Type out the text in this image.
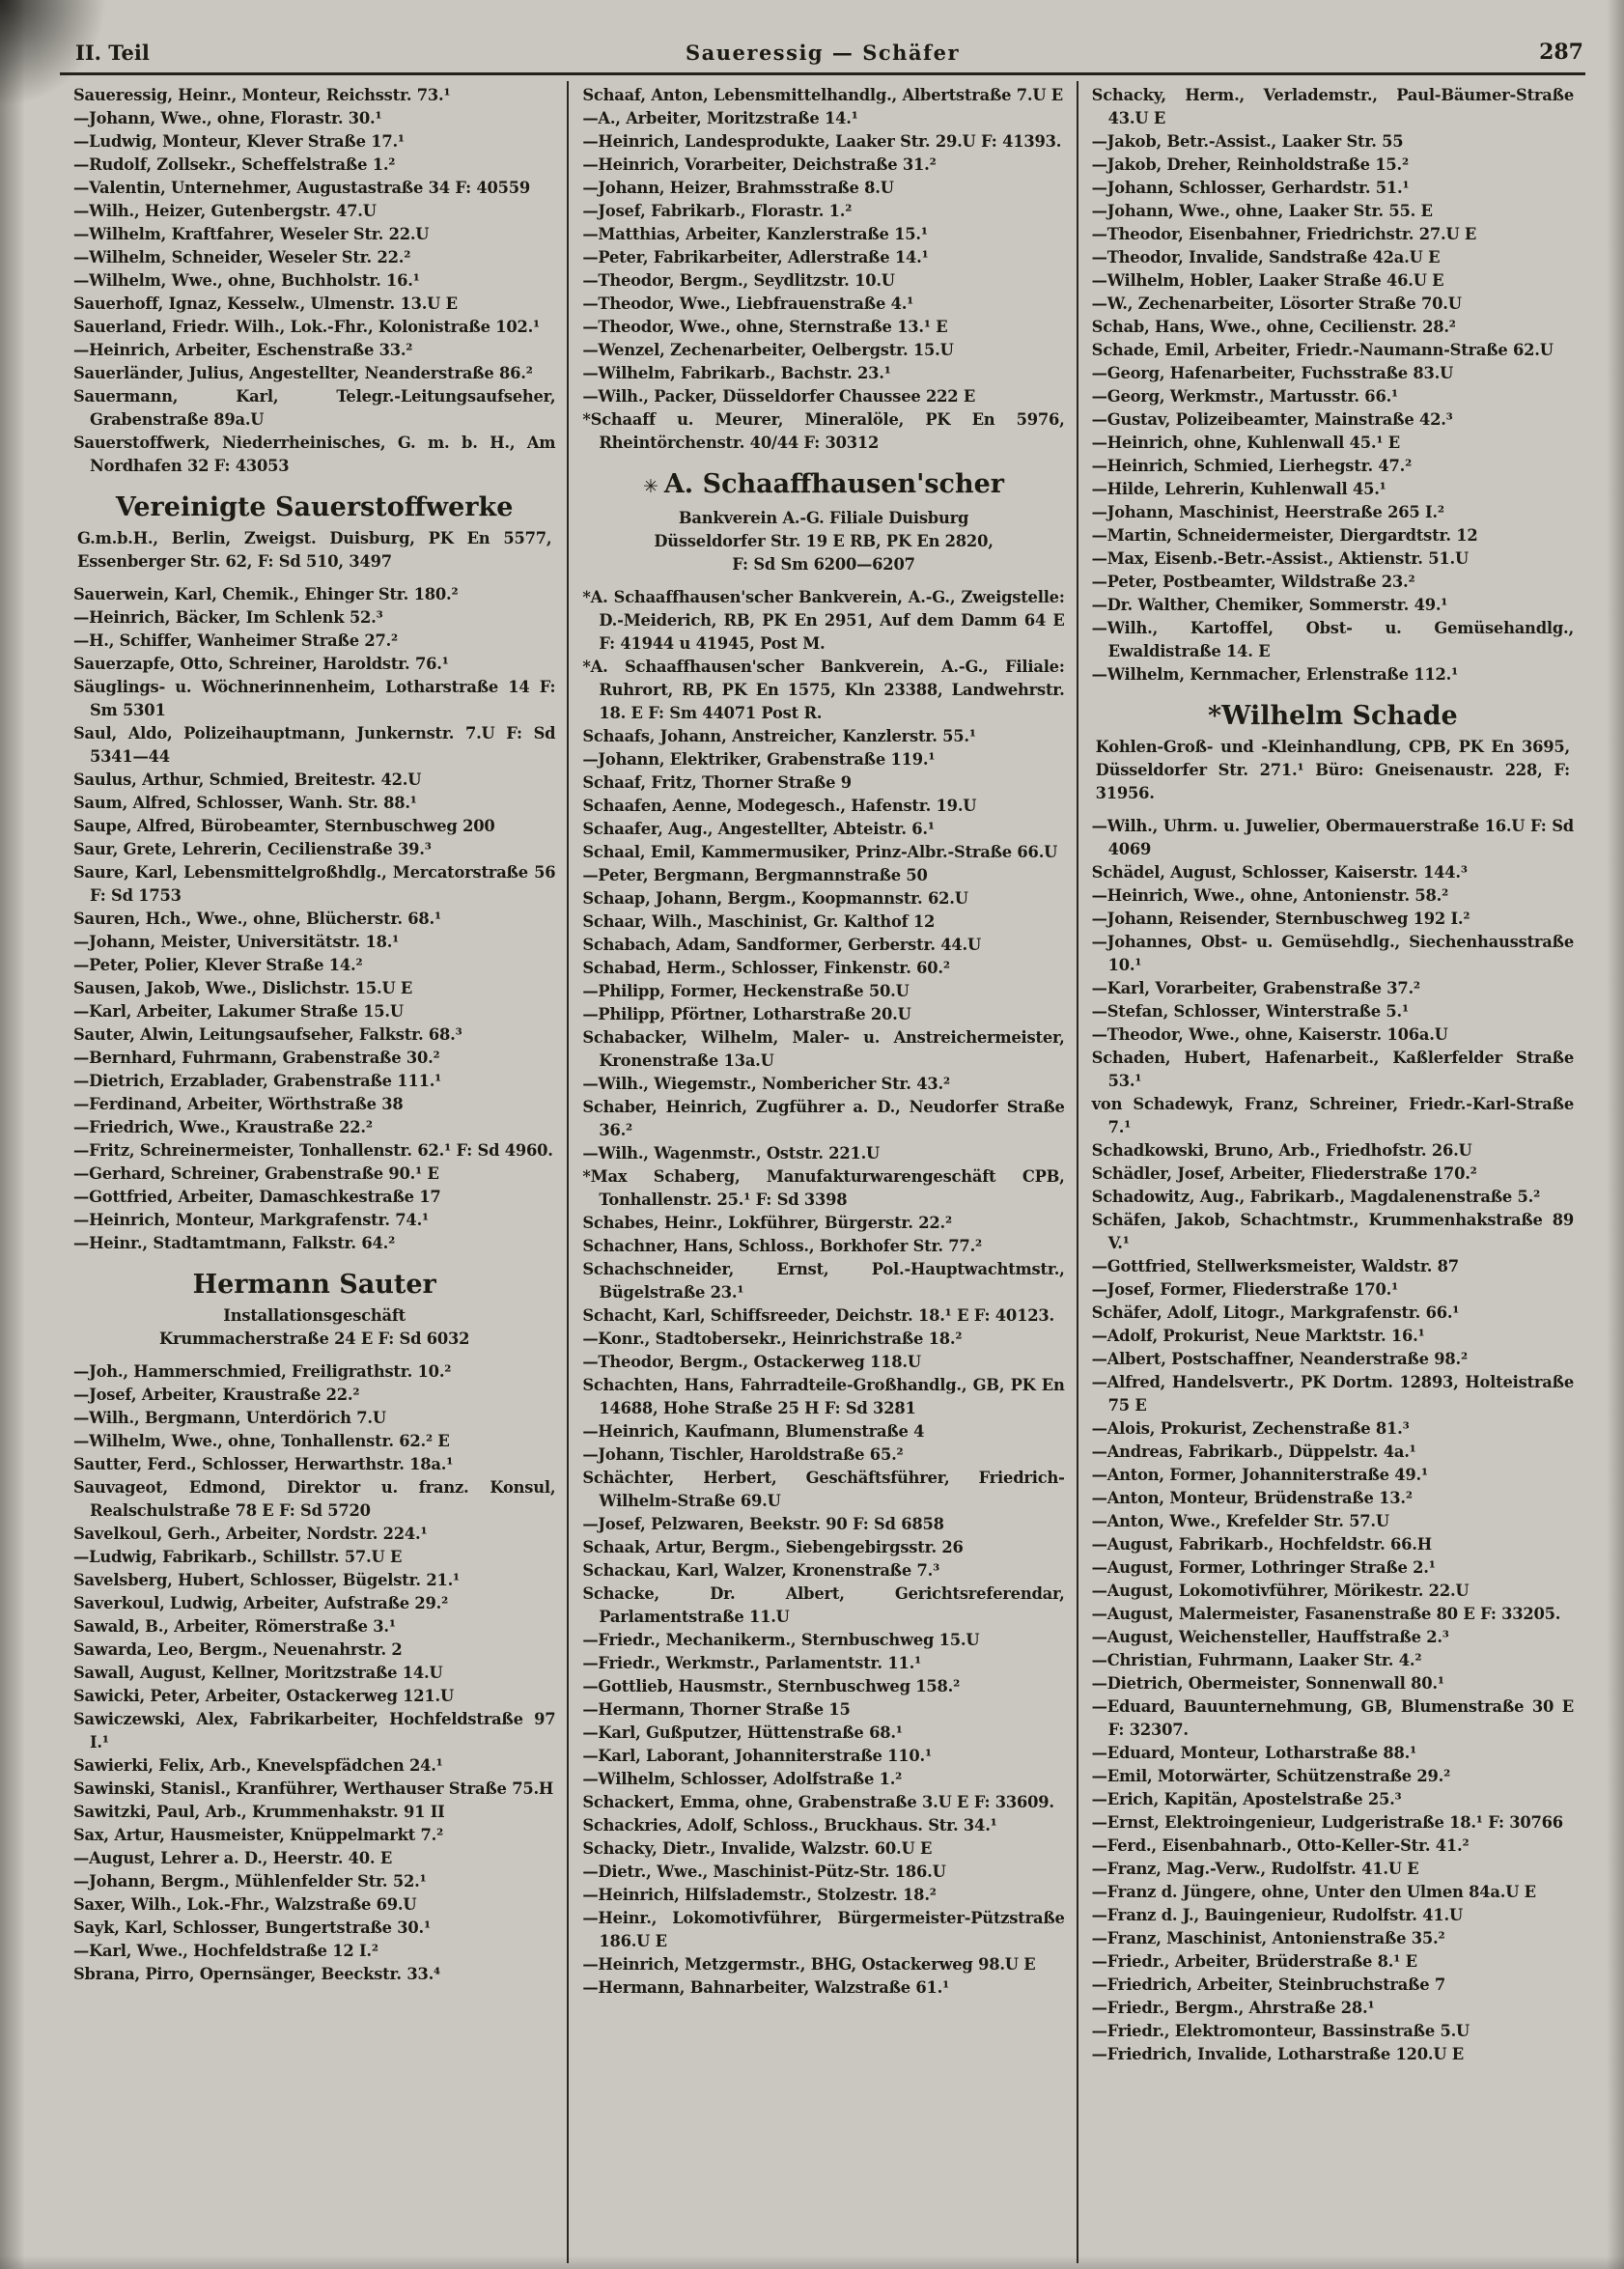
II. Teil	Saueressig — Schäfer	287
Saueressig, Heinr., Monteur, Reichsstr. 73.¹
—Johann, Wwe., ohne, Florastr. 30.¹
—Ludwig, Monteur, Klever Straße 17.¹
—Rudolf, Zollsekr., Scheffelstraße 1.²
—Valentin, Unternehmer, Augustastraße 34 F: 40559
—Wilh., Heizer, Gutenbergstr. 47.U
—Wilhelm, Kraftfahrer, Weseler Str. 22.U
—Wilhelm, Schneider, Weseler Str. 22.²
—Wilhelm, Wwe., ohne, Buchholstr. 16.¹
Sauerhoff, Ignaz, Kesselw., Ulmenstr. 13.U E
Sauerland, Friedr. Wilh., Lok.-Fhr., Kolonistraße 102.¹
—Heinrich, Arbeiter, Eschenstraße 33.²
Sauerländer, Julius, Angestellter, Neanderstraße 86.²
Sauermann, Karl, Telegr.-Leitungsaufseher, Grabenstraße 89a.U
Sauerstoffwerk, Niederrheinisches, G. m. b. H., Am Nordhafen 32 F: 43053
Vereinigte Sauerstoffwerke
G.m.b.H., Berlin, Zweigst. Duisburg, PK En 5577, Essenberger Str. 62, F: Sd 510, 3497
Sauerwein, Karl, Chemik., Ehinger Str. 180.²
—Heinrich, Bäcker, Im Schlenk 52.³
—H., Schiffer, Wanheimer Straße 27.²
Sauerzapfe, Otto, Schreiner, Haroldstr. 76.¹
Säuglings- u. Wöchnerinnenheim, Lotharstraße 14 F: Sm 5301
Saul, Aldo, Polizeihauptmann, Junkernstr. 7.U F: Sd 5341—44
Saulus, Arthur, Schmied, Breitestr. 42.U
Saum, Alfred, Schlosser, Wanh. Str. 88.¹
Saupe, Alfred, Bürobeamter, Sternbuschweg 200
Saur, Grete, Lehrerin, Cecilienstraße 39.³
Saure, Karl, Lebensmittelgroßhdlg., Mercatorstraße 56 F: Sd 1753
Sauren, Hch., Wwe., ohne, Blücherstr. 68.¹
—Johann, Meister, Universitätstr. 18.¹
—Peter, Polier, Klever Straße 14.²
Sausen, Jakob, Wwe., Dislichstr. 15.U E
—Karl, Arbeiter, Lakumer Straße 15.U
Sauter, Alwin, Leitungsaufseher, Falkstr. 68.³
—Bernhard, Fuhrmann, Grabenstraße 30.²
—Dietrich, Erzablader, Grabenstraße 111.¹
—Ferdinand, Arbeiter, Wörthstraße 38
—Friedrich, Wwe., Kraustraße 22.²
—Fritz, Schreinermeister, Tonhallenstr. 62.¹ F: Sd 4960.
—Gerhard, Schreiner, Grabenstraße 90.¹ E
—Gottfried, Arbeiter, Damaschkestraße 17
—Heinrich, Monteur, Markgrafenstr. 74.¹
—Heinr., Stadtamtmann, Falkstr. 64.²
Hermann Sauter
Installationsgeschäft
Krummacherstraße 24 E F: Sd 6032
—Joh., Hammerschmied, Freiligrathstr. 10.²
—Josef, Arbeiter, Kraustraße 22.²
—Wilh., Bergmann, Unterdörich 7.U
—Wilhelm, Wwe., ohne, Tonhallenstr. 62.² E
Sautter, Ferd., Schlosser, Herwarthstr. 18a.¹
Sauvageot, Edmond, Direktor u. franz. Konsul, Realschulstraße 78 E F: Sd 5720
Savelkoul, Gerh., Arbeiter, Nordstr. 224.¹
—Ludwig, Fabrikarb., Schillstr. 57.U E
Savelsberg, Hubert, Schlosser, Bügelstr. 21.¹
Saverkoul, Ludwig, Arbeiter, Aufstraße 29.²
Sawald, B., Arbeiter, Römerstraße 3.¹
Sawarda, Leo, Bergm., Neuenahrstr. 2
Sawall, August, Kellner, Moritzstraße 14.U
Sawicki, Peter, Arbeiter, Ostackerweg 121.U
Sawiczewski, Alex, Fabrikarbeiter, Hochfeldstraße 97 I.¹
Sawierki, Felix, Arb., Knevelspfädchen 24.¹
Sawinski, Stanisl., Kranführer, Werthauser Straße 75.H
Sawitzki, Paul, Arb., Krummenhakstr. 91 II
Sax, Artur, Hausmeister, Knüppelmarkt 7.²
—August, Lehrer a. D., Heerstr. 40. E
—Johann, Bergm., Mühlenfelder Str. 52.¹
Saxer, Wilh., Lok.-Fhr., Walzstraße 69.U
Sayk, Karl, Schlosser, Bungertstraße 30.¹
—Karl, Wwe., Hochfeldstraße 12 I.²
Sbrana, Pirro, Opernsänger, Beeckstr. 33.⁴
Schaaf, Anton, Lebensmittelhandlg., Albertstraße 7.U E
—A., Arbeiter, Moritzstraße 14.¹
—Heinrich, Landesprodukte, Laaker Str. 29.U F: 41393.
—Heinrich, Vorarbeiter, Deichstraße 31.²
—Johann, Heizer, Brahmsstraße 8.U
—Josef, Fabrikarb., Florastr. 1.²
—Matthias, Arbeiter, Kanzlerstraße 15.¹
—Peter, Fabrikarbeiter, Adlerstraße 14.¹
—Theodor, Bergm., Seydlitzstr. 10.U
—Theodor, Wwe., Liebfrauenstraße 4.¹
—Theodor, Wwe., ohne, Sternstraße 13.¹ E
—Wenzel, Zechenarbeiter, Oelbergstr. 15.U
—Wilhelm, Fabrikarb., Bachstr. 23.¹
—Wilh., Packer, Düsseldorfer Chaussee 222 E
*Schaaff u. Meurer, Mineralöle, PK En 5976, Rheintörchenstr. 40/44 F: 30312
✳ A. Schaaffhausen'scher
Bankverein A.-G. Filiale Duisburg
Düsseldorfer Str. 19 E RB, PK En 2820,
F: Sd Sm 6200—6207
*A. Schaaffhausen'scher Bankverein, A.-G., Zweigstelle: D.-Meiderich, RB, PK En 2951, Auf dem Damm 64 E F: 41944 u 41945, Post M.
*A. Schaaffhausen'scher Bankverein, A.-G., Filiale: Ruhrort, RB, PK En 1575, Kln 23388, Landwehrstr. 18. E F: Sm 44071 Post R.
Schaafs, Johann, Anstreicher, Kanzlerstr. 55.¹
—Johann, Elektriker, Grabenstraße 119.¹
Schaaf, Fritz, Thorner Straße 9
Schaafen, Aenne, Modegesch., Hafenstr. 19.U
Schaafer, Aug., Angestellter, Abteistr. 6.¹
Schaal, Emil, Kammermusiker, Prinz-Albr.-Straße 66.U
—Peter, Bergmann, Bergmannstraße 50
Schaap, Johann, Bergm., Koopmannstr. 62.U
Schaar, Wilh., Maschinist, Gr. Kalthof 12
Schabach, Adam, Sandformer, Gerberstr. 44.U
Schabad, Herm., Schlosser, Finkenstr. 60.²
—Philipp, Former, Heckenstraße 50.U
—Philipp, Pförtner, Lotharstraße 20.U
Schabacker, Wilhelm, Maler- u. Anstreichermeister, Kronenstraße 13a.U
—Wilh., Wiegemstr., Nombericher Str. 43.²
Schaber, Heinrich, Zugführer a. D., Neudorfer Straße 36.²
—Wilh., Wagenmstr., Oststr. 221.U
*Max Schaberg, Manufakturwarengeschäft CPB, Tonhallenstr. 25.¹ F: Sd 3398
Schabes, Heinr., Lokführer, Bürgerstr. 22.²
Schachner, Hans, Schloss., Borkhofer Str. 77.²
Schachschneider, Ernst, Pol.-Hauptwachtmstr., Bügelstraße 23.¹
Schacht, Karl, Schiffsreeder, Deichstr. 18.¹ E F: 40123.
—Konr., Stadtobersekr., Heinrichstraße 18.²
—Theodor, Bergm., Ostackerweg 118.U
Schachten, Hans, Fahrradteile-Großhandlg., GB, PK En 14688, Hohe Straße 25 H F: Sd 3281
—Heinrich, Kaufmann, Blumenstraße 4
—Johann, Tischler, Haroldstraße 65.²
Schächter, Herbert, Geschäftsführer, Friedrich-Wilhelm-Straße 69.U
—Josef, Pelzwaren, Beekstr. 90 F: Sd 6858
Schaak, Artur, Bergm., Siebengebirgsstr. 26
Schackau, Karl, Walzer, Kronenstraße 7.³
Schacke, Dr. Albert, Gerichtsreferendar, Parlamentstraße 11.U
—Friedr., Mechanikerm., Sternbuschweg 15.U
—Friedr., Werkmstr., Parlamentstr. 11.¹
—Gottlieb, Hausmstr., Sternbuschweg 158.²
—Hermann, Thorner Straße 15
—Karl, Gußputzer, Hüttenstraße 68.¹
—Karl, Laborant, Johanniterstraße 110.¹
—Wilhelm, Schlosser, Adolfstraße 1.²
Schackert, Emma, ohne, Grabenstraße 3.U E F: 33609.
Schackries, Adolf, Schloss., Bruckhaus. Str. 34.¹
Schacky, Dietr., Invalide, Walzstr. 60.U E
—Dietr., Wwe., Maschinist-Pütz-Str. 186.U
—Heinrich, Hilfslademstr., Stolzestr. 18.²
—Heinr., Lokomotivführer, Bürgermeister-Pützstraße 186.U E
—Heinrich, Metzgermstr., BHG, Ostackerweg 98.U E
—Hermann, Bahnarbeiter, Walzstraße 61.¹
Schacky, Herm., Verlademstr., Paul-Bäumer-Straße 43.U E
—Jakob, Betr.-Assist., Laaker Str. 55
—Jakob, Dreher, Reinholdstraße 15.²
—Johann, Schlosser, Gerhardstr. 51.¹
—Johann, Wwe., ohne, Laaker Str. 55. E
—Theodor, Eisenbahner, Friedrichstr. 27.U E
—Theodor, Invalide, Sandstraße 42a.U E
—Wilhelm, Hobler, Laaker Straße 46.U E
—W., Zechenarbeiter, Lösorter Straße 70.U
Schab, Hans, Wwe., ohne, Cecilienstr. 28.²
Schade, Emil, Arbeiter, Friedr.-Naumann-Straße 62.U
—Georg, Hafenarbeiter, Fuchsstraße 83.U
—Georg, Werkmstr., Martusstr. 66.¹
—Gustav, Polizeibeamter, Mainstraße 42.³
—Heinrich, ohne, Kuhlenwall 45.¹ E
—Heinrich, Schmied, Lierhegstr. 47.²
—Hilde, Lehrerin, Kuhlenwall 45.¹
—Johann, Maschinist, Heerstraße 265 I.²
—Martin, Schneidermeister, Diergardtstr. 12
—Max, Eisenb.-Betr.-Assist., Aktienstr. 51.U
—Peter, Postbeamter, Wildstraße 23.²
—Dr. Walther, Chemiker, Sommerstr. 49.¹
—Wilh., Kartoffel, Obst- u. Gemüsehandlg., Ewaldistraße 14. E
—Wilhelm, Kernmacher, Erlenstraße 112.¹
*Wilhelm Schade
Kohlen-Groß- und -Kleinhandlung, CPB, PK En 3695, Düsseldorfer Str. 271.¹ Büro: Gneisenaustr. 228, F: 31956.
—Wilh., Uhrm. u. Juwelier, Obermauerstraße 16.U F: Sd 4069
Schädel, August, Schlosser, Kaiserstr. 144.³
—Heinrich, Wwe., ohne, Antonienstr. 58.²
—Johann, Reisender, Sternbuschweg 192 I.²
—Johannes, Obst- u. Gemüsehdlg., Siechenhausstraße 10.¹
—Karl, Vorarbeiter, Grabenstraße 37.²
—Stefan, Schlosser, Winterstraße 5.¹
—Theodor, Wwe., ohne, Kaiserstr. 106a.U
Schaden, Hubert, Hafenarbeit., Kaßlerfelder Straße 53.¹
von Schadewyk, Franz, Schreiner, Friedr.-Karl-Straße 7.¹
Schadkowski, Bruno, Arb., Friedhofstr. 26.U
Schädler, Josef, Arbeiter, Fliederstraße 170.²
Schadowitz, Aug., Fabrikarb., Magdalenenstraße 5.²
Schäfen, Jakob, Schachtmstr., Krummenhakstraße 89 V.¹
—Gottfried, Stellwerksmeister, Waldstr. 87
—Josef, Former, Fliederstraße 170.¹
Schäfer, Adolf, Litogr., Markgrafenstr. 66.¹
—Adolf, Prokurist, Neue Marktstr. 16.¹
—Albert, Postschaffner, Neanderstraße 98.²
—Alfred, Handelsvertr., PK Dortm. 12893, Holteistraße 75 E
—Alois, Prokurist, Zechenstraße 81.³
—Andreas, Fabrikarb., Düppelstr. 4a.¹
—Anton, Former, Johanniterstraße 49.¹
—Anton, Monteur, Brüdenstraße 13.²
—Anton, Wwe., Krefelder Str. 57.U
—August, Fabrikarb., Hochfeldstr. 66.H
—August, Former, Lothringer Straße 2.¹
—August, Lokomotivführer, Mörikestr. 22.U
—August, Malermeister, Fasanenstraße 80 E F: 33205.
—August, Weichensteller, Hauffstraße 2.³
—Christian, Fuhrmann, Laaker Str. 4.²
—Dietrich, Obermeister, Sonnenwall 80.¹
—Eduard, Bauunternehmung, GB, Blumenstraße 30 E F: 32307.
—Eduard, Monteur, Lotharstraße 88.¹
—Emil, Motorwärter, Schützenstraße 29.²
—Erich, Kapitän, Apostelstraße 25.³
—Ernst, Elektroingenieur, Ludgeristraße 18.¹ F: 30766
—Ferd., Eisenbahnarb., Otto-Keller-Str. 41.²
—Franz, Mag.-Verw., Rudolfstr. 41.U E
—Franz d. Jüngere, ohne, Unter den Ulmen 84a.U E
—Franz d. J., Bauingenieur, Rudolfstr. 41.U
—Franz, Maschinist, Antonienstraße 35.²
—Friedr., Arbeiter, Brüderstraße 8.¹ E
—Friedrich, Arbeiter, Steinbruchstraße 7
—Friedr., Bergm., Ahrstraße 28.¹
—Friedr., Elektromonteur, Bassinstraße 5.U
—Friedrich, Invalide, Lotharstraße 120.U E
